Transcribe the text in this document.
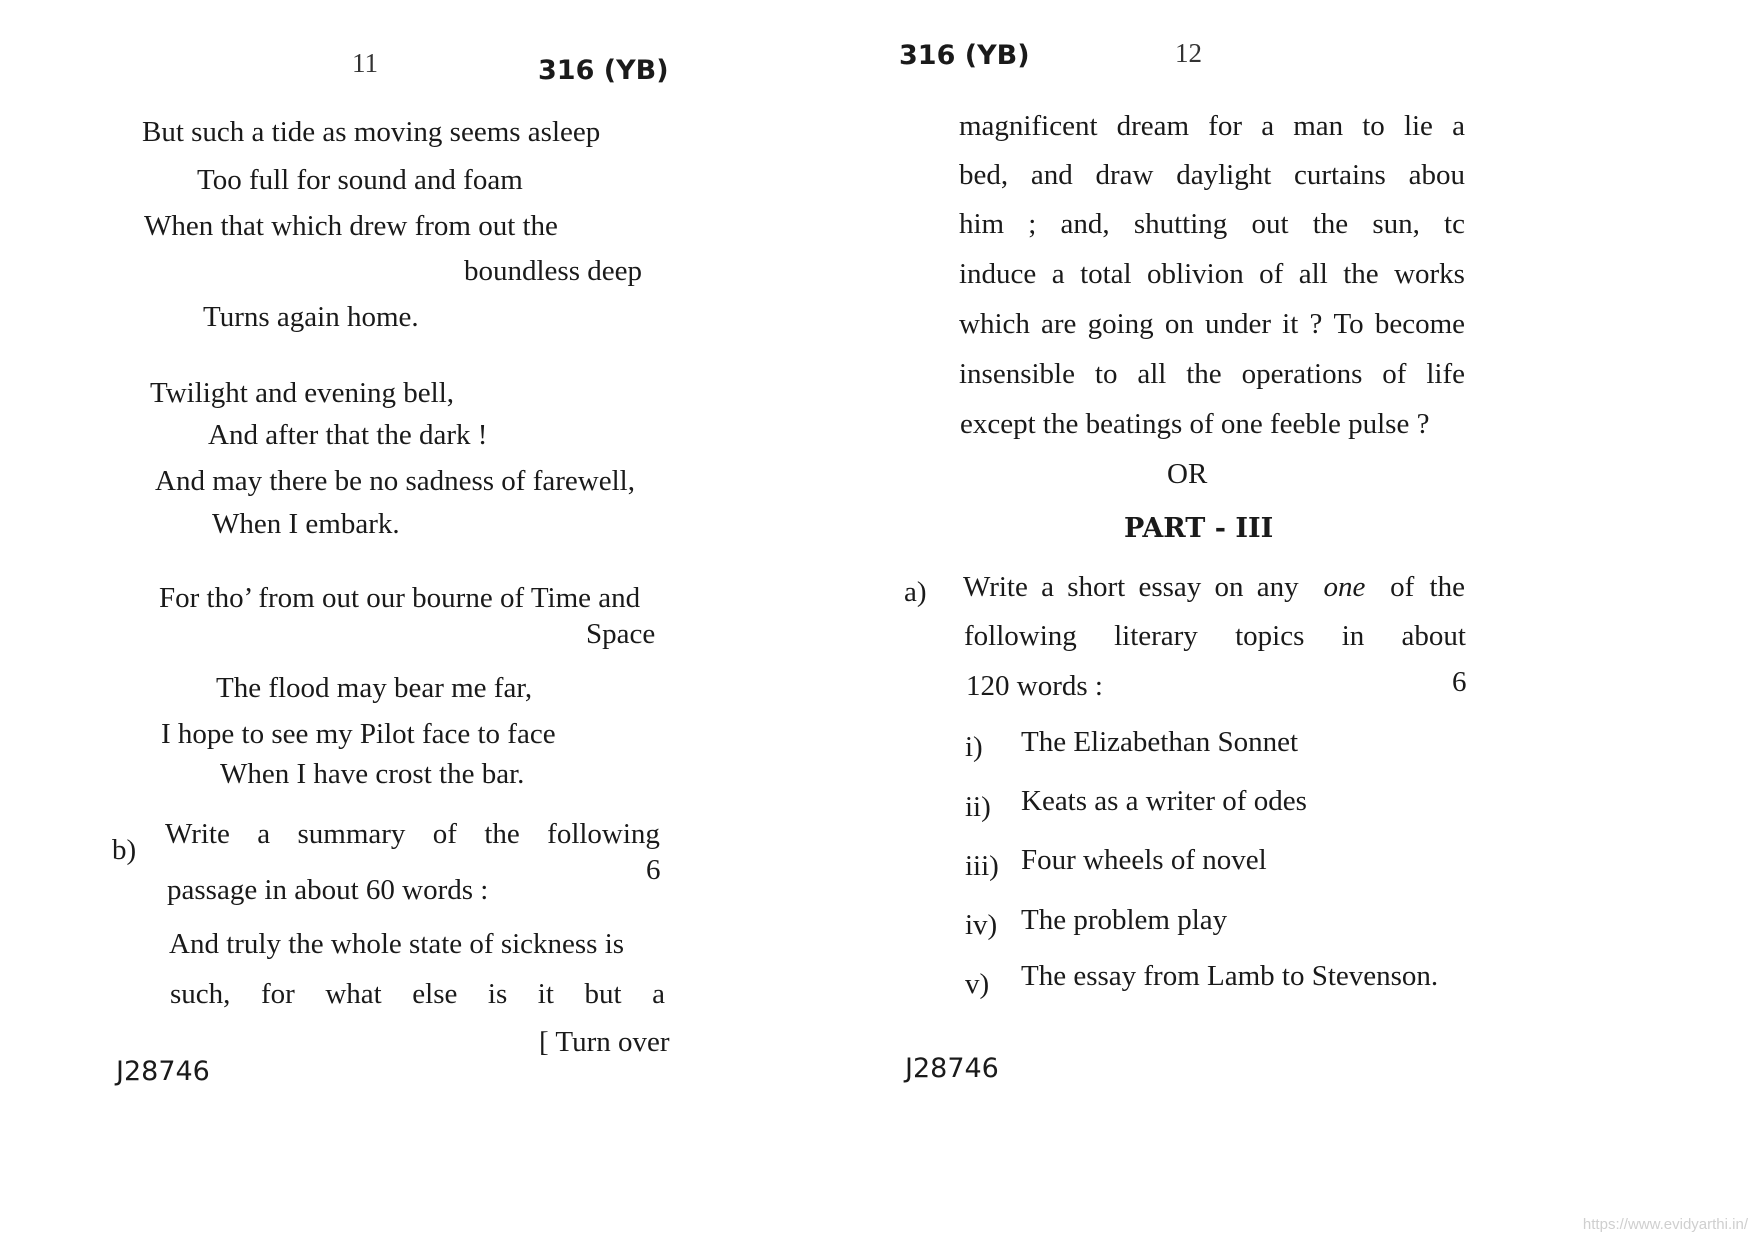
11	316 (YB)
But such a tide as moving seems asleep
Too full for sound and foam
When that which drew from out the
boundless deep
Turns again home.
Twilight and evening bell,
And after that the dark !
And may there be no sadness of farewell,
When I embark.
For tho’ from out our bourne of Time and
Space
The flood may bear me far,
I hope to see my Pilot face to face
When I have crost the bar.
b) Write a summary of the following
passage in about 60 words :
6
And truly the whole state of sickness is
such, for what else is it but a
[ Turn over
J28746
316 (YB)	12
magnificent dream for a man to lie a
bed, and draw daylight curtains abou
him ; and, shutting out the sun, tс
induce a total oblivion of all the works
which are going on under it ? To become
insensible to all the operations of life
except the beatings of one feeble pulse ?
OR
PART - III
a) Write a short essay on any one of the
following literary topics in about
120 words :	6
i) The Elizabethan Sonnet
ii) Keats as a writer of odes
iii) Four wheels of novel
iv) The problem play
v) The essay from Lamb to Stevenson.
J28746
https://www.evidyarthi.in/
